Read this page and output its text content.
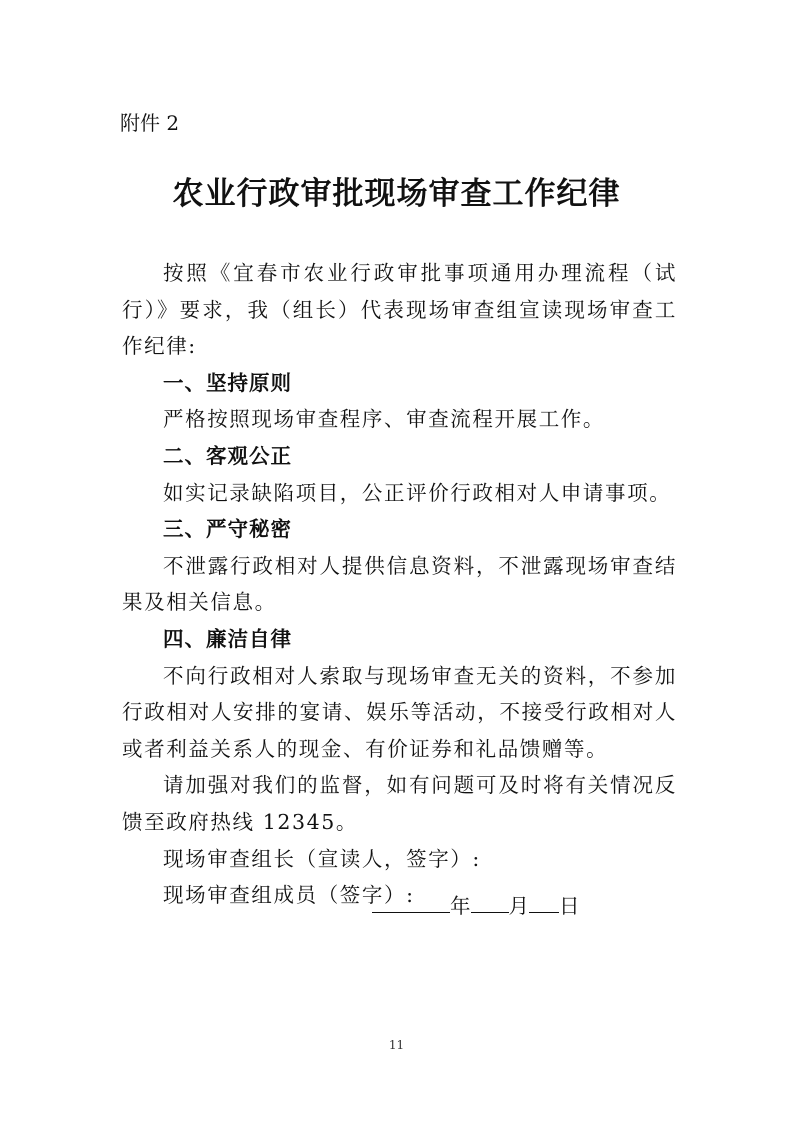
附件 2
农业行政审批现场审查工作纪律

按照《宜春市农业行政审批事项通用办理流程（试行）》要求，我（组长）代表现场审查组宣读现场审查工作纪律:

一、坚持原则

严格按照现场审查程序、审查流程开展工作。

二、客观公正

如实记录缺陷项目，公正评价行政相对人申请事项。

三、严守秘密

不泄露行政相对人提供信息资料，不泄露现场审查结果及相关信息。

四、廉洁自律

不向行政相对人索取与现场审查无关的资料，不参加行政相对人安排的宴请、娱乐等活动，不接受行政相对人或者利益关系人的现金、有价证券和礼品馈赠等。

请加强对我们的监督，如有问题可及时将有关情况反馈至政府热线 12345。

现场审查组长（宣读人，签字）:
现场审查组成员（签字）:	年 月 日
11
